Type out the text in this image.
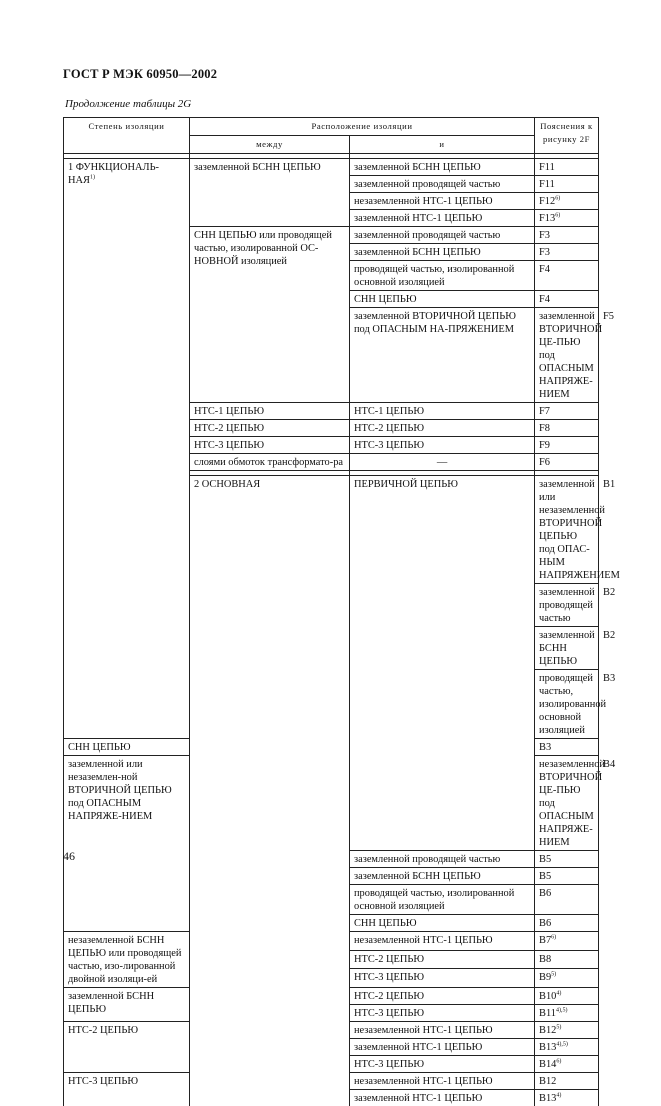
ГОСТ Р МЭК 60950—2002
Продолжение таблицы 2G
Степень изоляции	Расположение изоляции		Пояснения к рисунку 2F	
	между	и		

1 ФУНКЦИОНАЛЬ-НАЯ$^{1)}$	заземленной БСНН ЦЕПЬЮ	заземленной БСНН ЦЕПЬЮ	F11	
		заземленной проводящей частью	F11	
		незаземленной НТС-1 ЦЕПЬЮ	F12$^{6)}$
		заземленной НТС-1 ЦЕПЬЮ	F13$^{6)}$
	СНН ЦЕПЬЮ или проводящей частью, изолированной ОС-НОВНОЙ изоляцией	заземленной проводящей частью	F3	
		заземленной БСНН ЦЕПЬЮ	F3	
		проводящей частью, изолированной основной изоляцией	F4	
		СНН ЦЕПЬЮ	F4	
		заземленной ВТОРИЧНОЙ ЦЕПЬЮ под ОПАСНЫМ НА-ПРЯЖЕНИЕМ	заземленной ВТОРИЧНОЙ ЦЕ-ПЬЮ под ОПАСНЫМ НАПРЯЖЕ-НИЕМ	F5
	НТС-1 ЦЕПЬЮ	НТС-1 ЦЕПЬЮ	F7	
	НТС-2 ЦЕПЬЮ	НТС-2 ЦЕПЬЮ	F8	
	НТС-3 ЦЕПЬЮ	НТС-3 ЦЕПЬЮ	F9	
	слоями обмоток трансформато-ра	—	F6	

	2 ОСНОВНАЯ	ПЕРВИЧНОЙ ЦЕПЬЮ	заземленной или незаземленной ВТОРИЧНОЙ ЦЕПЬЮ под ОПАС-НЫМ НАПРЯЖЕНИЕМ	B1
			заземленной проводящей частью	B2
			заземленной БСНН ЦЕПЬЮ	B2
			проводящей частью, изолированной основной изоляцией	B3
СНН ЦЕПЬЮ			B3	
заземленной или незаземлен-ной ВТОРИЧНОЙ ЦЕПЬЮ под ОПАСНЫМ НАПРЯЖЕ-НИЕМ			незаземленной ВТОРИЧНОЙ ЦЕ-ПЬЮ под ОПАСНЫМ НАПРЯЖЕ-НИЕМ	B4
		заземленной проводящей частью	B5	
		заземленной БСНН ЦЕПЬЮ	B5	
		проводящей частью, изолированной основной изоляцией	B6	
		СНН ЦЕПЬЮ	B6	
незаземленной БСНН ЦЕПЬЮ или проводящей частью, изо-лированной двойной изоляци-ей		незаземленной НТС-1 ЦЕПЬЮ	B7$^{6)}$
		НТС-2 ЦЕПЬЮ	B8	
		НТС-3 ЦЕПЬЮ	B9$^{5)}$
заземленной БСНН ЦЕПЬЮ		НТС-2 ЦЕПЬЮ	B10$^{4)}$
		НТС-3 ЦЕПЬЮ	$B11^{4),5)}$
НТС-2 ЦЕПЬЮ		незаземленной НТС-1 ЦЕПЬЮ	B12$^{5)}$
		заземленной НТС-1 ЦЕПЬЮ	$B13^{4),5)}$
		НТС-3 ЦЕПЬЮ	B14$^{6)}$
НТС-3 ЦЕПЬЮ		незаземленной НТС-1 ЦЕПЬЮ	B12	
		заземленной НТС-1 ЦЕПЬЮ	B13$^{4)}$
46
